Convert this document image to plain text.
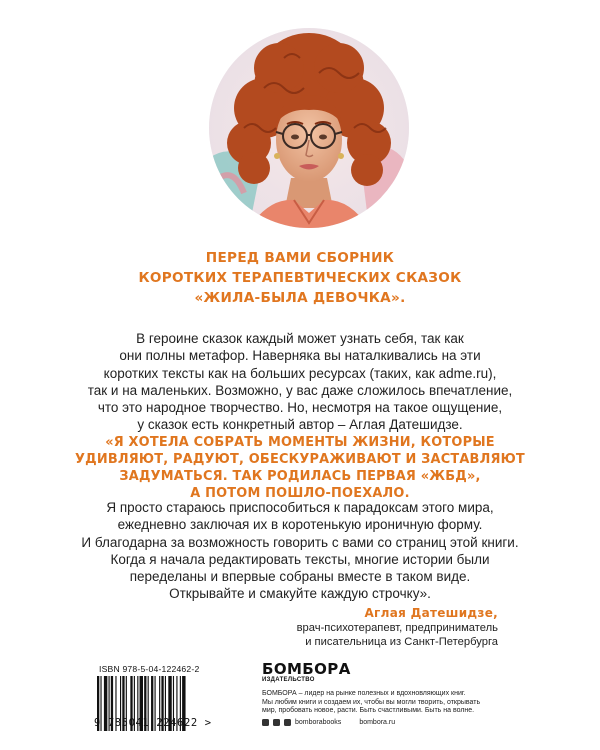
ПЕРЕД ВАМИ СБОРНИК
КОРОТКИХ ТЕРАПЕВТИЧЕСКИХ СКАЗОК
«ЖИЛА-БЫЛА ДЕВОЧКА».
В героине сказок каждый может узнать себя, так как
они полны метафор. Наверняка вы наталкивались на эти
коротких тексты как на больших ресурсах (таких, как adme.ru),
так и на маленьких. Возможно, у вас даже сложилось впечатление,
что это народное творчество. Но, несмотря на такое ощущение,
у сказок есть конкретный автор – Аглая Датешидзе.
«Я ХОТЕЛА СОБРАТЬ МОМЕНТЫ ЖИЗНИ, КОТОРЫЕ
УДИВЛЯЮТ, РАДУЮТ, ОБЕСКУРАЖИВАЮТ И ЗАСТАВЛЯЮТ
ЗАДУМАТЬСЯ. ТАК РОДИЛАСЬ ПЕРВАЯ «ЖБД»,
А ПОТОМ ПОШЛО-ПОЕХАЛО.
Я просто стараюсь приспособиться к парадоксам этого мира,
ежедневно заключая их в коротенькую ироничную форму.
И благодарна за возможность говорить с вами со страниц этой книги.
Когда я начала редактировать тексты, многие истории были
переделаны и впервые собраны вместе в таком виде.
Открывайте и смакуйте каждую строчку».
Аглая Датешидзе,
врач-психотерапевт, предприниматель
и писательница из Санкт-Петербурга
ISBN 978-5-04-122462-2
9 785041 224622 >
БОМБОРА
ИЗДАТЕЛЬСТВО
БОМБОРА – лидер на рынке полезных и вдохновляющих книг.
Мы любим книги и создаем их, чтобы вы могли творить, открывать
мир, пробовать новое, расти. Быть счастливыми. Быть на волне.
bomborabooks	bombora.ru
